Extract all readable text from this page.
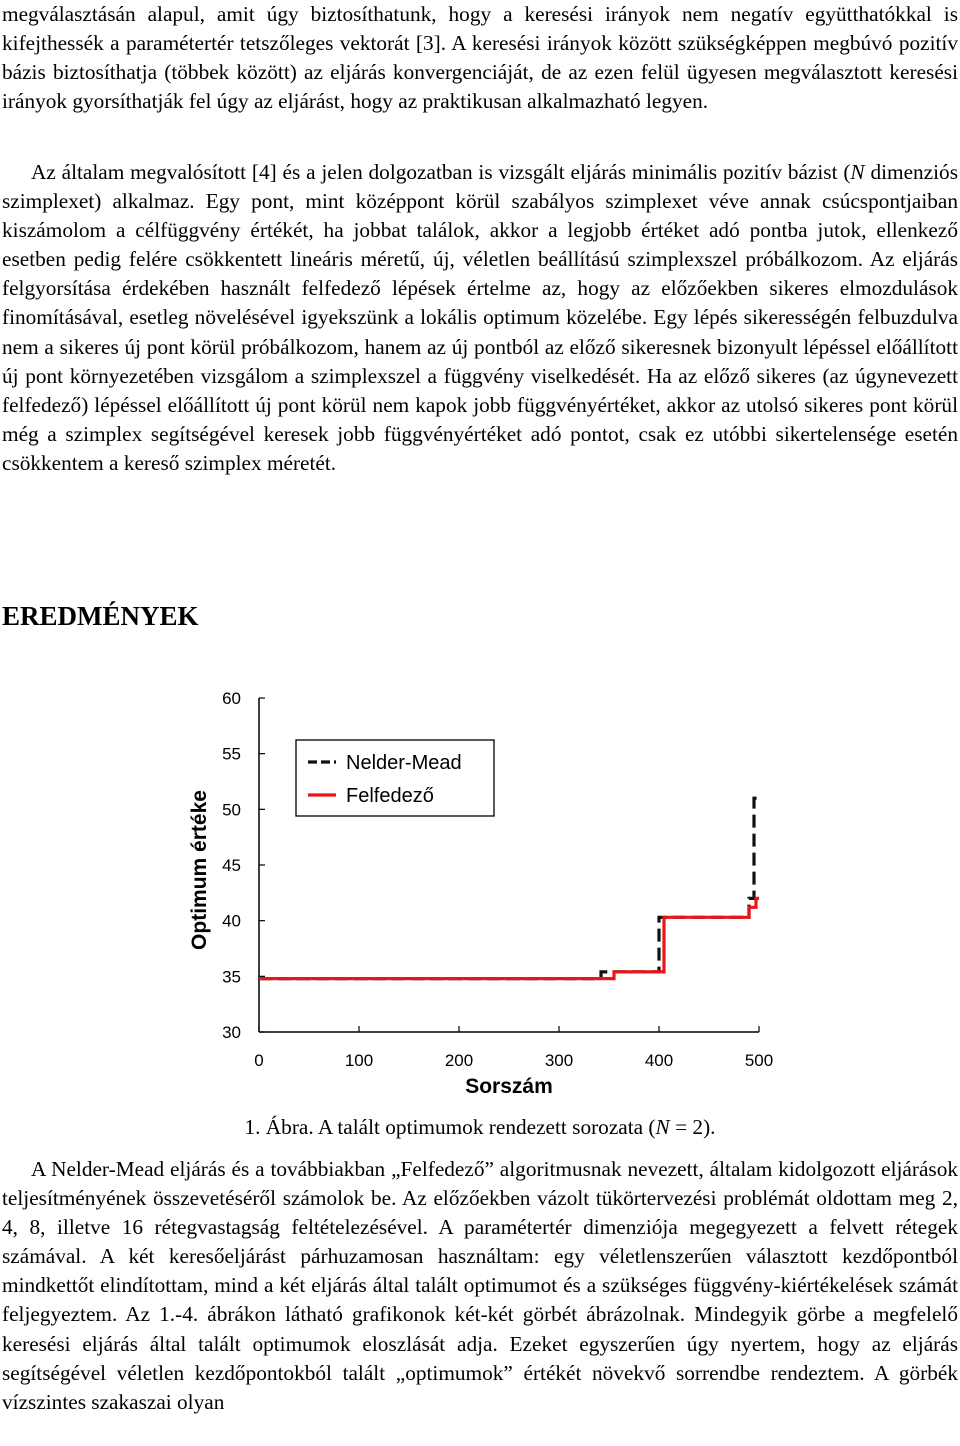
megválasztásán alapul, amit úgy biztosíthatunk, hogy a keresési irányok nem negatív együtthatókkal is kifejthessék a paramétertér tetszőleges vektorát [3]. A keresési irányok között szükségképpen megbúvó pozitív bázis biztosíthatja (többek között) az eljárás konvergenciáját, de az ezen felül ügyesen megválasztott keresési irányok gyorsíthatják fel úgy az eljárást, hogy az praktikusan alkalmazható legyen.

Az általam megvalósított [4] és a jelen dolgozatban is vizsgált eljárás minimális pozitív bázist (N dimenziós szimplexet) alkalmaz. Egy pont, mint középpont körül szabályos szimplexet véve annak csúcspontjaiban kiszámolom a célfüggvény értékét, ha jobbat találok, akkor a legjobb értéket adó pontba jutok, ellenkező esetben pedig felére csökkentett lineáris méretű, új, véletlen beállítású szimplexszel próbálkozom. Az eljárás felgyorsítása érdekében használt felfedező lépések értelme az, hogy az előzőekben sikeres elmozdulások finomításával, esetleg növelésével igyekszünk a lokális optimum közelébe. Egy lépés sikerességén felbuzdulva nem a sikeres új pont körül próbálkozom, hanem az új pontból az előző sikeresnek bizonyult lépéssel előállított új pont környezetében vizsgálom a szimplexszel a függvény viselkedését. Ha az előző sikeres (az úgynevezett felfedező) lépéssel előállított új pont körül nem kapok jobb függvényértéket, akkor az utolsó sikeres pont körül még a szimplex segítségével keresek jobb függvényértéket adó pontot, csak ez utóbbi sikertelensége esetén csökkentem a kereső szimplex méretét.

EREDMÉNYEK
30
35
40
45
50
55
60
0	100	200	300	400	500
Sorszám
Optimum értéke
Nelder-Mead
Felfedező
1. Ábra. A talált optimumok rendezett sorozata (N = 2).

A Nelder-Mead eljárás és a továbbiakban „Felfedező” algoritmusnak nevezett, általam kidolgozott eljárások teljesítményének összevetéséről számolok be. Az előzőekben vázolt tükörtervezési problémát oldottam meg 2, 4, 8, illetve 16 rétegvastagság feltételezésével. A paramétertér dimenziója megegyezett a felvett rétegek számával. A két keresőeljárást párhuzamosan használtam: egy véletlenszerűen választott kezdőpontból mindkettőt elindítottam, mind a két eljárás által talált optimumot és a szükséges függvény-kiértékelések számát feljegyeztem. Az 1.-4. ábrákon látható grafikonok két-két görbét ábrázolnak. Mindegyik görbe a megfelelő keresési eljárás által talált optimumok eloszlását adja. Ezeket egyszerűen úgy nyertem, hogy az eljárás segítségével véletlen kezdőpontokból talált „optimumok” értékét növekvő sorrendbe rendeztem. A görbék vízszintes szakaszai olyan
